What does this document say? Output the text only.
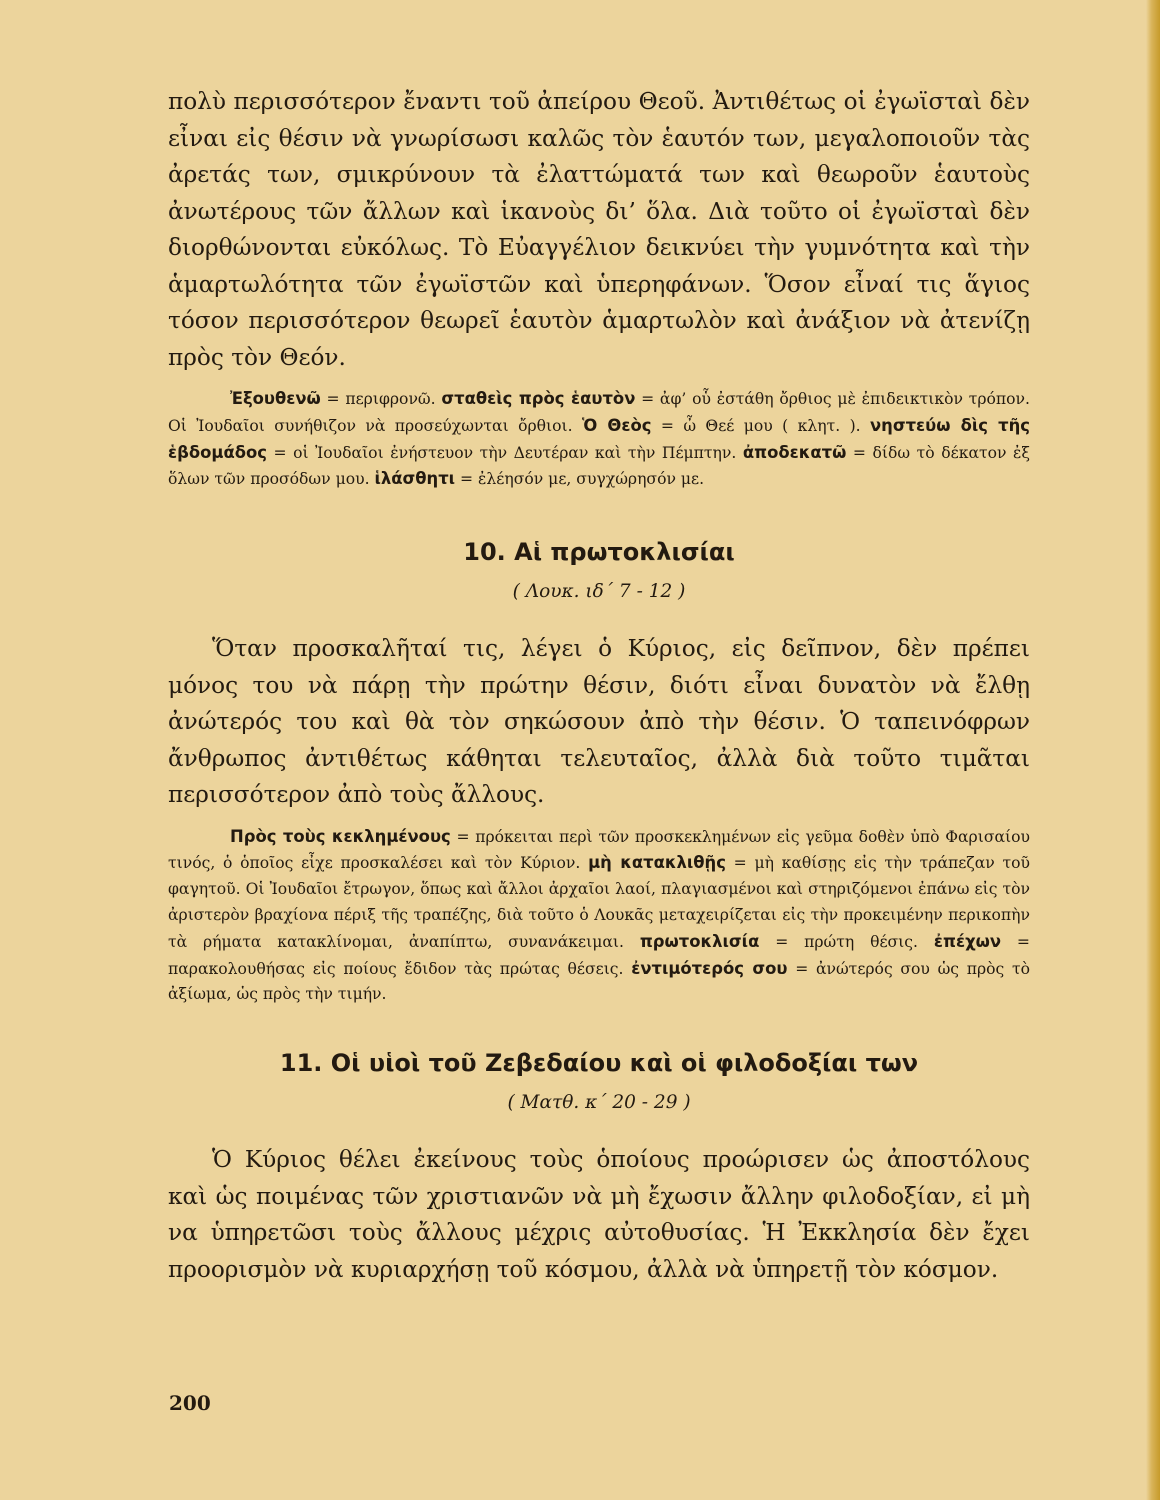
πολὺ περισσότερον ἔναντι τοῦ ἀπείρου Θεοῦ. Ἀντιθέτως οἱ ἐγωϊσταὶ δὲν εἶναι εἰς θέσιν νὰ γνωρίσωσι καλῶς τὸν ἑαυτόν των, μεγαλοποιοῦν τὰς ἀρετάς των, σμικρύνουν τὰ ἐλαττώματά των καὶ θεωροῦν ἑαυτοὺς ἀνωτέρους τῶν ἄλλων καὶ ἱκανοὺς δι’ ὅλα. Διὰ τοῦτο οἱ ἐγωϊσταὶ δὲν διορθώνονται εὐκόλως. Τὸ Εὐαγγέλιον δεικνύει τὴν γυμνότητα καὶ τὴν ἁμαρτωλότητα τῶν ἐγωϊστῶν καὶ ὑπερηφάνων. Ὅσον εἶναί τις ἅγιος τόσον περισσότερον θεωρεῖ ἑαυτὸν ἁμαρτωλὸν καὶ ἀνάξιον νὰ ἀτενίζῃ πρὸς τὸν Θεόν.

Ἐξουθενῶ = περιφρονῶ. σταθεὶς πρὸς ἑαυτὸν = ἀφ’ οὗ ἐστάθη ὄρθιος μὲ ἐπιδεικτικὸν τρόπον. Οἱ Ἰουδαῖοι συνήθιζον νὰ προσεύχωνται ὄρθιοι. Ὁ Θεὸς = ὦ Θεέ μου ( κλητ. ). νηστεύω δὶς τῆς ἑβδομάδος = οἱ Ἰουδαῖοι ἐνήστευον τὴν Δευτέραν καὶ τὴν Πέμπτην. ἀποδεκατῶ = δίδω τὸ δέκατον ἐξ ὅλων τῶν προσόδων μου. ἱλάσθητι = ἐλέησόν με, συγχώρησόν με.

10. Αἱ πρωτοκλισίαι
( Λουκ. ιδ΄ 7 - 12 )

Ὅταν προσκαλῆταί τις, λέγει ὁ Κύριος, εἰς δεῖπνον, δὲν πρέπει μόνος του νὰ πάρῃ τὴν πρώτην θέσιν, διότι εἶναι δυνατὸν νὰ ἔλθῃ ἀνώτερός του καὶ θὰ τὸν σηκώσουν ἀπὸ τὴν θέσιν. Ὁ ταπεινόφρων ἄνθρωπος ἀντιθέτως κάθηται τελευταῖος, ἀλλὰ διὰ τοῦτο τιμᾶται περισσότερον ἀπὸ τοὺς ἄλλους.

Πρὸς τοὺς κεκλημένους = πρόκειται περὶ τῶν προσκεκλημένων εἰς γεῦμα δοθὲν ὑπὸ Φαρισαίου τινός, ὁ ὁποῖος εἶχε προσκαλέσει καὶ τὸν Κύριον. μὴ κατακλιθῇς = μὴ καθίσῃς εἰς τὴν τράπεζαν τοῦ φαγητοῦ. Οἱ Ἰουδαῖοι ἔτρωγον, ὅπως καὶ ἄλλοι ἀρχαῖοι λαοί, πλαγιασμένοι καὶ στηριζόμενοι ἐπάνω εἰς τὸν ἀριστερὸν βραχίονα πέριξ τῆς τραπέζης, διὰ τοῦτο ὁ Λουκᾶς μεταχειρίζεται εἰς τὴν προκειμένην περικοπὴν τὰ ρήματα κατακλίνομαι, ἀναπίπτω, συνανάκειμαι. πρωτοκλισία = πρώτη θέσις. ἐπέχων = παρακολουθήσας εἰς ποίους ἔδιδον τὰς πρώτας θέσεις. ἐντιμότερός σου = ἀνώτερός σου ὡς πρὸς τὸ ἀξίωμα, ὡς πρὸς τὴν τιμήν.

11. Οἱ υἱοὶ τοῦ Ζεβεδαίου καὶ οἱ φιλοδοξίαι των
( Ματθ. κ΄ 20 - 29 )

Ὁ Κύριος θέλει ἐκείνους τοὺς ὁποίους προώρισεν ὡς ἀποστόλους καὶ ὡς ποιμένας τῶν χριστιανῶν νὰ μὴ ἔχωσιν ἄλλην φιλοδοξίαν, εἰ μὴ να ὑπηρετῶσι τοὺς ἄλλους μέχρις αὐτοθυσίας. Ἡ Ἐκκλησία δὲν ἔχει προορισμὸν νὰ κυριαρχήσῃ τοῦ κόσμου, ἀλλὰ νὰ ὑπηρετῇ τὸν κόσμον.

200
